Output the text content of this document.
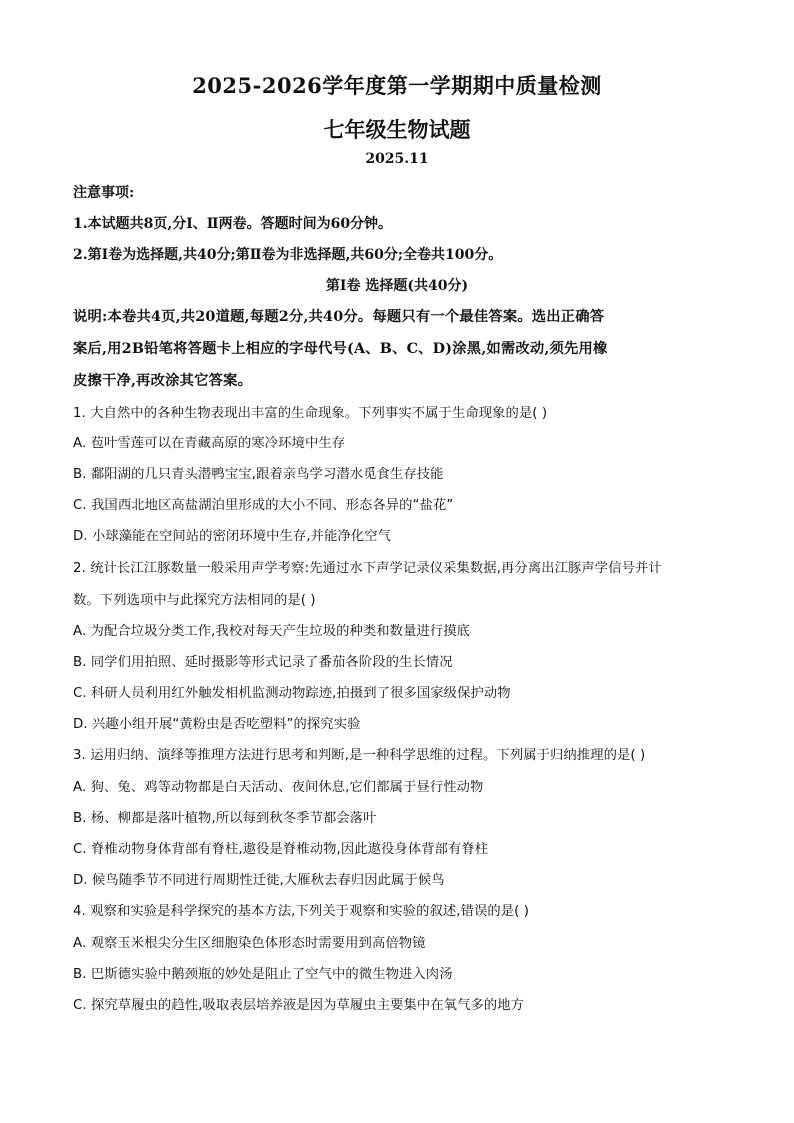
2025-2026学年度第一学期期中质量检测
七年级生物试题
2025.11
注意事项:
1.本试题共8页,分Ⅰ、Ⅱ两卷。答题时间为60分钟。
2.第Ⅰ卷为选择题,共40分;第Ⅱ卷为非选择题,共60分;全卷共100分。
第Ⅰ卷 选择题(共40分)
说明:本卷共4页,共20道题,每题2分,共40分。每题只有一个最佳答案。选出正确答
案后,用2B铅笔将答题卡上相应的字母代号(A、B、C、D)涂黑,如需改动,须先用橡
皮擦干净,再改涂其它答案。
1. 大自然中的各种生物表现出丰富的生命现象。下列事实不属于生命现象的是( )
A. 苞叶雪莲可以在青藏高原的寒冷环境中生存
B. 鄱阳湖的几只青头潜鸭宝宝,跟着亲鸟学习潜水觅食生存技能
C. 我国西北地区高盐湖泊里形成的大小不同、形态各异的“盐花”
D. 小球藻能在空间站的密闭环境中生存,并能净化空气
2. 统计长江江豚数量一般采用声学考察:先通过水下声学记录仪采集数据,再分离出江豚声学信号并计
数。下列选项中与此探究方法相同的是( )
A. 为配合垃圾分类工作,我校对每天产生垃圾的种类和数量进行摸底
B. 同学们用拍照、延时摄影等形式记录了番茄各阶段的生长情况
C. 科研人员利用红外触发相机监测动物踪迹,拍摄到了很多国家级保护动物
D. 兴趣小组开展“黄粉虫是否吃塑料”的探究实验
3. 运用归纳、演绎等推理方法进行思考和判断,是一种科学思维的过程。下列属于归纳推理的是( )
A. 狗、兔、鸡等动物都是白天活动、夜间休息,它们都属于昼行性动物
B. 杨、柳都是落叶植物,所以每到秋冬季节都会落叶
C. 脊椎动物身体背部有脊柱,遨役是脊椎动物,因此遨役身体背部有脊柱
D. 候鸟随季节不同进行周期性迁徙,大雁秋去春归因此属于候鸟
4. 观察和实验是科学探究的基本方法,下列关于观察和实验的叙述,错误的是( )
A. 观察玉米根尖分生区细胞染色体形态时需要用到高倍物镜
B. 巴斯德实验中鹅颈瓶的妙处是阻止了空气中的微生物进入肉汤
C. 探究草履虫的趋性,吸取表层培养液是因为草履虫主要集中在氧气多的地方
